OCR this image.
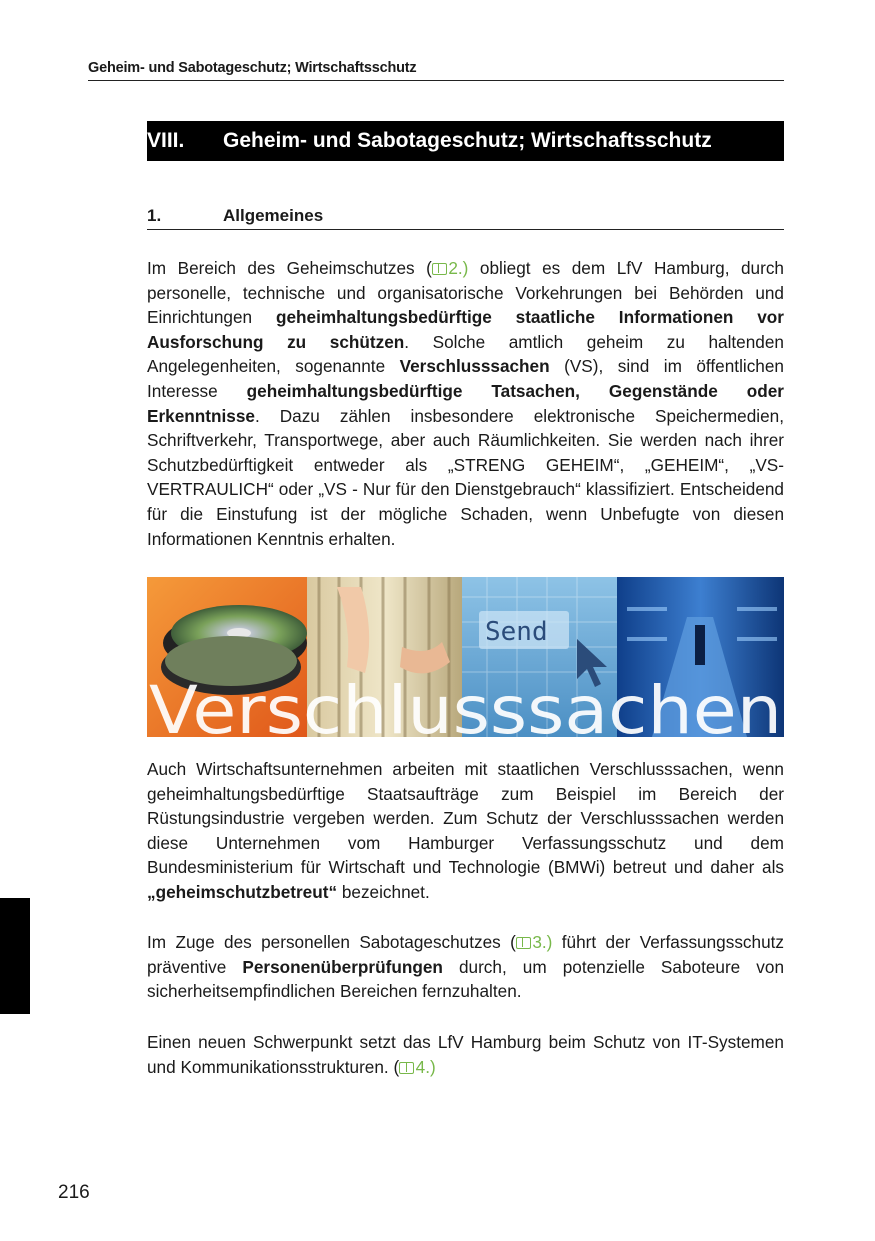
Geheim- und Sabotageschutz; Wirtschaftsschutz
VIII.	Geheim- und Sabotageschutz; Wirtschaftsschutz
1.	Allgemeines

Im Bereich des Geheimschutzes (  2.) obliegt es dem LfV Hamburg, durch personelle, technische und organisatorische Vorkehrungen bei Behörden und Einrichtungen geheimhaltungsbedürftige staatliche Informationen vor Ausforschung zu schützen. Solche amtlich geheim zu haltenden Angelegenheiten, sogenannte Verschlusssachen (VS), sind im öffentlichen Interesse geheimhaltungsbedürftige Tatsachen, Gegenstände oder Erkenntnisse. Dazu zählen insbesondere elektronische Speichermedien, Schriftverkehr, Transportwege, aber auch Räumlichkeiten. Sie werden nach ihrer Schutzbedürftigkeit entweder als „STRENG GEHEIM“, „GEHEIM“, „VS-VERTRAULICH“ oder „VS - Nur für den Dienstgebrauch“ klassifiziert. Entscheidend für die Einstufung ist der mögliche Schaden, wenn Unbefugte von diesen Informationen Kenntnis erhalten.

Send
Verschlusssachen

Auch Wirtschaftsunternehmen arbeiten mit staatlichen Verschlusssachen, wenn geheimhaltungsbedürftige Staatsaufträge zum Beispiel im Bereich der Rüstungsindustrie vergeben werden. Zum Schutz der Verschlusssachen werden diese Unternehmen vom Hamburger Verfassungsschutz und dem Bundesministerium für Wirtschaft und Technologie (BMWi) betreut und daher als „geheimschutzbetreut“ bezeichnet.

Im Zuge des personellen Sabotageschutzes (  3.) führt der Verfassungsschutz präventive Personenüberprüfungen durch, um potenzielle Saboteure von sicherheitsempfindlichen Bereichen fernzuhalten.

Einen neuen Schwerpunkt setzt das LfV Hamburg beim Schutz von IT-Systemen und Kommunikationsstrukturen. (  4.)

216
